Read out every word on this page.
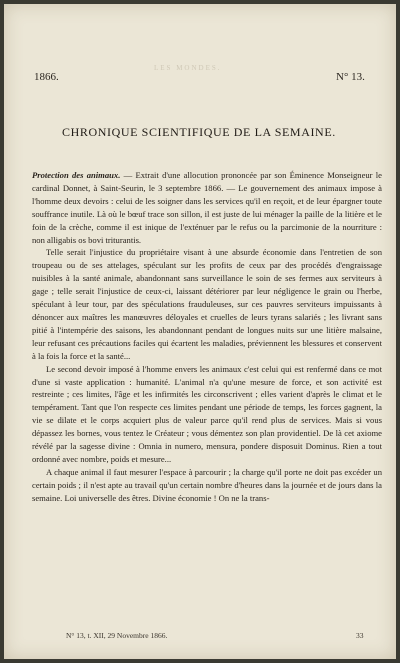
LES MONDES.
1866.	N° 13.
CHRONIQUE SCIENTIFIQUE DE LA SEMAINE.

Protection des animaux. — Extrait d'une allocution prononcée par son Éminence Monseigneur le cardinal Donnet, à Saint-Seurin, le 3 septembre 1866. — Le gouvernement des animaux impose à l'homme deux devoirs : celui de les soigner dans les services qu'il en reçoit, et de leur épargner toute souffrance inutile. Là où le bœuf trace son sillon, il est juste de lui ménager la paille de la litière et le foin de la crèche, comme il est inique de l'exténuer par le refus ou la parcimonie de la nourriture : non alligabis os bovi triturantis.

Telle serait l'injustice du propriétaire visant à une absurde économie dans l'entretien de son troupeau ou de ses attelages, spéculant sur les profits de ceux par des procédés d'engraissage nuisibles à la santé animale, abandonnant sans surveillance le soin de ses fermes aux serviteurs à gage ; telle serait l'injustice de ceux-ci, laissant détériorer par leur négligence le grain ou l'herbe, spéculant à leur tour, par des spéculations frauduleuses, sur ces pauvres serviteurs impuissants à dénoncer aux maîtres les manœuvres déloyales et cruelles de leurs tyrans salariés ; les livrant sans pitié à l'intempérie des saisons, les abandonnant pendant de longues nuits sur une litière malsaine, leur refusant ces précautions faciles qui écartent les maladies, préviennent les blessures et conservent à la fois la force et la santé...

Le second devoir imposé à l'homme envers les animaux c'est celui qui est renfermé dans ce mot d'une si vaste application : humanité. L'animal n'a qu'une mesure de force, et son activité est restreinte ; ces limites, l'âge et les infirmités les circonscrivent ; elles varient d'après le climat et le tempérament. Tant que l'on respecte ces limites pendant une période de temps, les forces gagnent, la vie se dilate et le corps acquiert plus de valeur parce qu'il rend plus de services. Mais si vous dépassez les bornes, vous tentez le Créateur ; vous démentez son plan providentiel. De là cet axiome révélé par la sagesse divine : Omnia in numero, mensura, pondere disposuit Dominus. Rien a tout ordonné avec nombre, poids et mesure...

A chaque animal il faut mesurer l'espace à parcourir ; la charge qu'il porte ne doit pas excéder un certain poids ; il n'est apte au travail qu'un certain nombre d'heures dans la journée et de jours dans la semaine. Loi universelle des êtres. Divine économie ! On ne la trans-

N° 13, t. XII, 29 Novembre 1866.	33
